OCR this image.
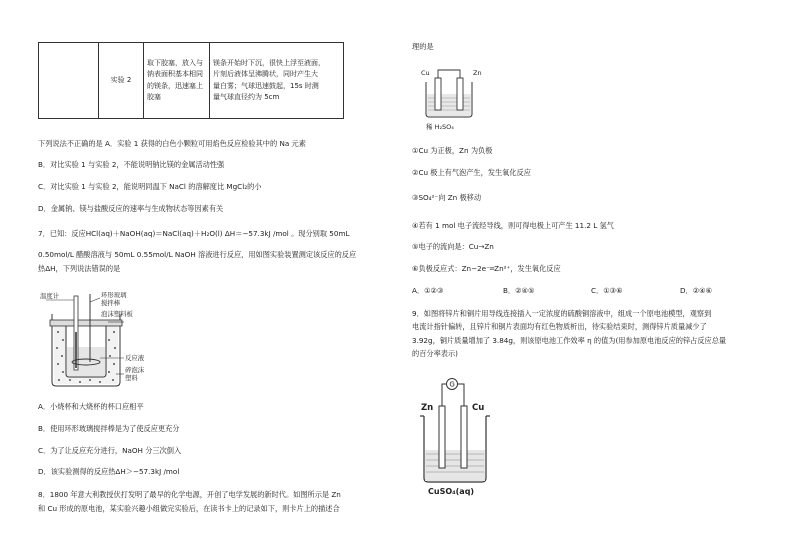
	实验 2	
取下胶塞，放入与
钠表面积基本相同
的镁条，迅速塞上
胶塞

镁条开始时下沉，很快上浮至液面，
片刻后液体呈沸腾状，同时产生大
量白雾；气球迅速鼓起，15s 时测
量气球直径约为 5cm
下列说法不正确的是 A．实验 1 获得的白色小颗粒可用焰色反应检验其中的 Na 元素
B．对比实验 1 与实验 2，不能说明钠比镁的金属活动性强
C．对比实验 1 与实验 2，能说明同温下 NaCl 的溶解度比 MgCl₂的小
D．金属钠、镁与盐酸反应的速率与生成物状态等因素有关
7．已知：反应HCl(aq)＋NaOH(aq)＝NaCl(aq)＋H₂O(l) ΔH＝−57.3kJ /mol 。现分别取 50mL
0.50mol/L 醋酸溶液与 50mL 0.55mol/L NaOH 溶液进行反应，用如图实验装置测定该反应的反应
热ΔH，下列说法错误的是
温度计	环形玻璃
搅拌棒
泡沫塑料板
反应液
碎泡沫
塑料
A．小烧杯和大烧杯的杯口应相平
B．使用环形玻璃搅拌棒是为了使反应更充分
C．为了让反应充分进行，NaOH 分三次倒入
D．该实验测得的反应热ΔH＞−57.3kJ /mol
8．1800 年意大利教授伏打发明了最早的化学电源，开创了电学发展的新时代。如图所示是 Zn
和 Cu 形成的原电池，某实验兴趣小组做完实验后，在读书卡上的记录如下，则卡片上的描述合
理的是
Cu	Zn
稀 H₂SO₄
①Cu 为正极，Zn 为负极
②Cu 极上有气泡产生，发生氧化反应
③SO₄²⁻向 Zn 极移动
④若有 1 mol 电子流经导线，则可得电极上可产生 11.2 L 氢气
⑤电子的流向是：Cu→Zn
⑥负极反应式：Zn−2e⁻═Zn²⁺，发生氧化反应
A．①②③	B．②④⑤	C．①③⑥	D．②④⑥
9．如图将锌片和铜片用导线连接插入一定浓度的硫酸铜溶液中，组成一个原电池模型，观察到
电流计指针偏转，且锌片和铜片表面均有红色物质析出，待实验结束时，测得锌片质量减少了
3.92g，铜片质量增加了 3.84g，则该原电池工作效率 η 的值为(用参加原电池反应的锌占反应总量
的百分率表示)
G
Zn	Cu
CuSO₄(aq)
